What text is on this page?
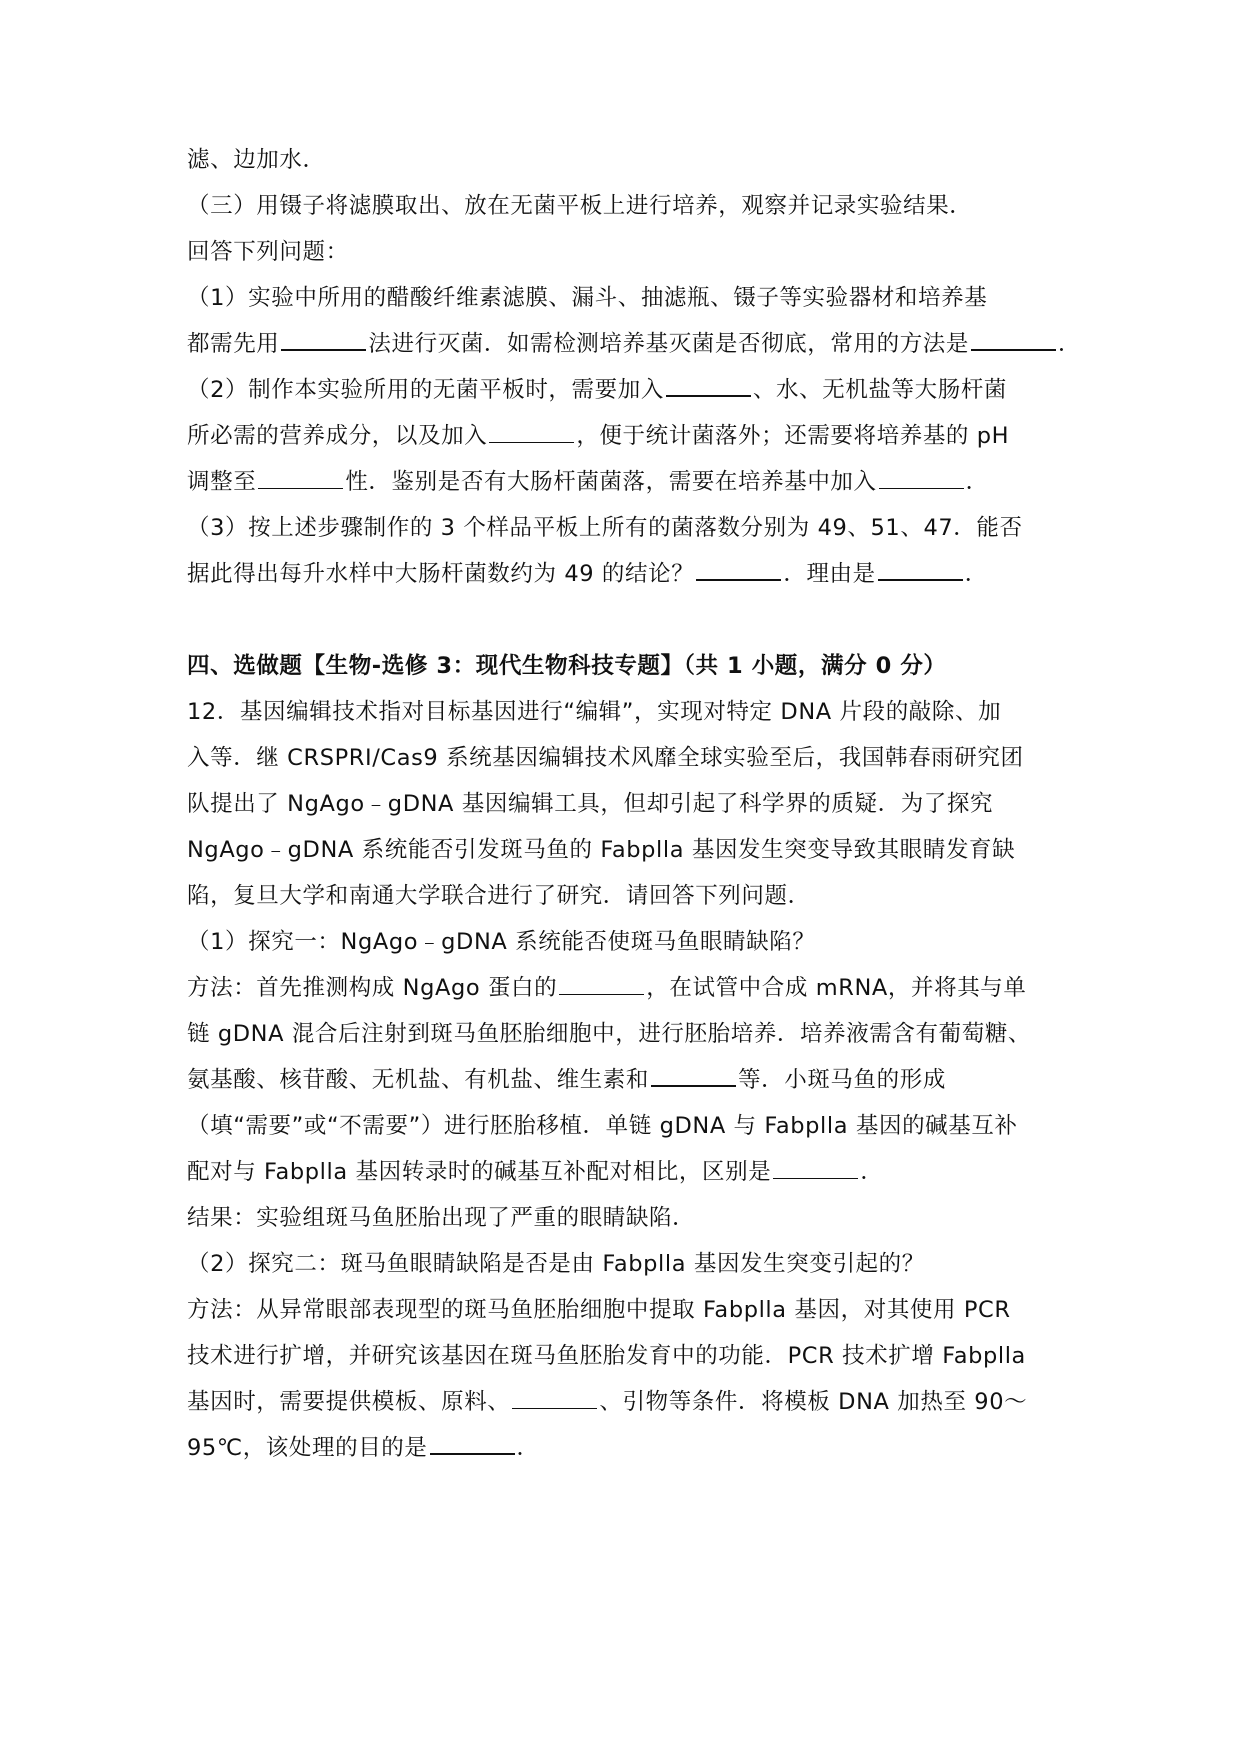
滤、边加水．
（三）用镊子将滤膜取出、放在无菌平板上进行培养，观察并记录实验结果．
回答下列问题：
（1）实验中所用的醋酸纤维素滤膜、漏斗、抽滤瓶、镊子等实验器材和培养基
都需先用	法进行灭菌．如需检测培养基灭菌是否彻底，常用的方法是	．
（2）制作本实验所用的无菌平板时，需要加入	、水、无机盐等大肠杆菌
所必需的营养成分，以及加入	，便于统计菌落外；还需要将培养基的 pH
调整至	性．鉴别是否有大肠杆菌菌落，需要在培养基中加入	．
（3）按上述步骤制作的 3 个样品平板上所有的菌落数分别为 49、51、47．能否
据此得出每升水样中大肠杆菌数约为 49 的结论？	．理由是	．
四、选做题【生物-选修 3：现代生物科技专题】（共 1 小题，满分 0 分）
12．基因编辑技术指对目标基因进行“编辑”，实现对特定 DNA 片段的敲除、加
入等．继 CRSPRI/Cas9 系统基因编辑技术风靡全球实验至后，我国韩春雨研究团
队提出了 NgAgo﹣gDNA 基因编辑工具，但却引起了科学界的质疑．为了探究
NgAgo﹣gDNA 系统能否引发斑马鱼的 Fabplla 基因发生突变导致其眼睛发育缺
陷，复旦大学和南通大学联合进行了研究．请回答下列问题．
（1）探究一：NgAgo﹣gDNA 系统能否使斑马鱼眼睛缺陷？
方法：首先推测构成 NgAgo 蛋白的	，在试管中合成 mRNA，并将其与单
链 gDNA 混合后注射到斑马鱼胚胎细胞中，进行胚胎培养．培养液需含有葡萄糖、
氨基酸、核苷酸、无机盐、有机盐、维生素和	等．小斑马鱼的形成
（填“需要”或“不需要”）进行胚胎移植．单链 gDNA 与 Fabplla 基因的碱基互补
配对与 Fabplla 基因转录时的碱基互补配对相比，区别是	．
结果：实验组斑马鱼胚胎出现了严重的眼睛缺陷．
（2）探究二：斑马鱼眼睛缺陷是否是由 Fabplla 基因发生突变引起的？
方法：从异常眼部表现型的斑马鱼胚胎细胞中提取 Fabplla 基因，对其使用 PCR
技术进行扩增，并研究该基因在斑马鱼胚胎发育中的功能．PCR 技术扩增 Fabplla
基因时，需要提供模板、原料、	、引物等条件．将模板 DNA 加热至 90～
95℃，该处理的目的是	．
